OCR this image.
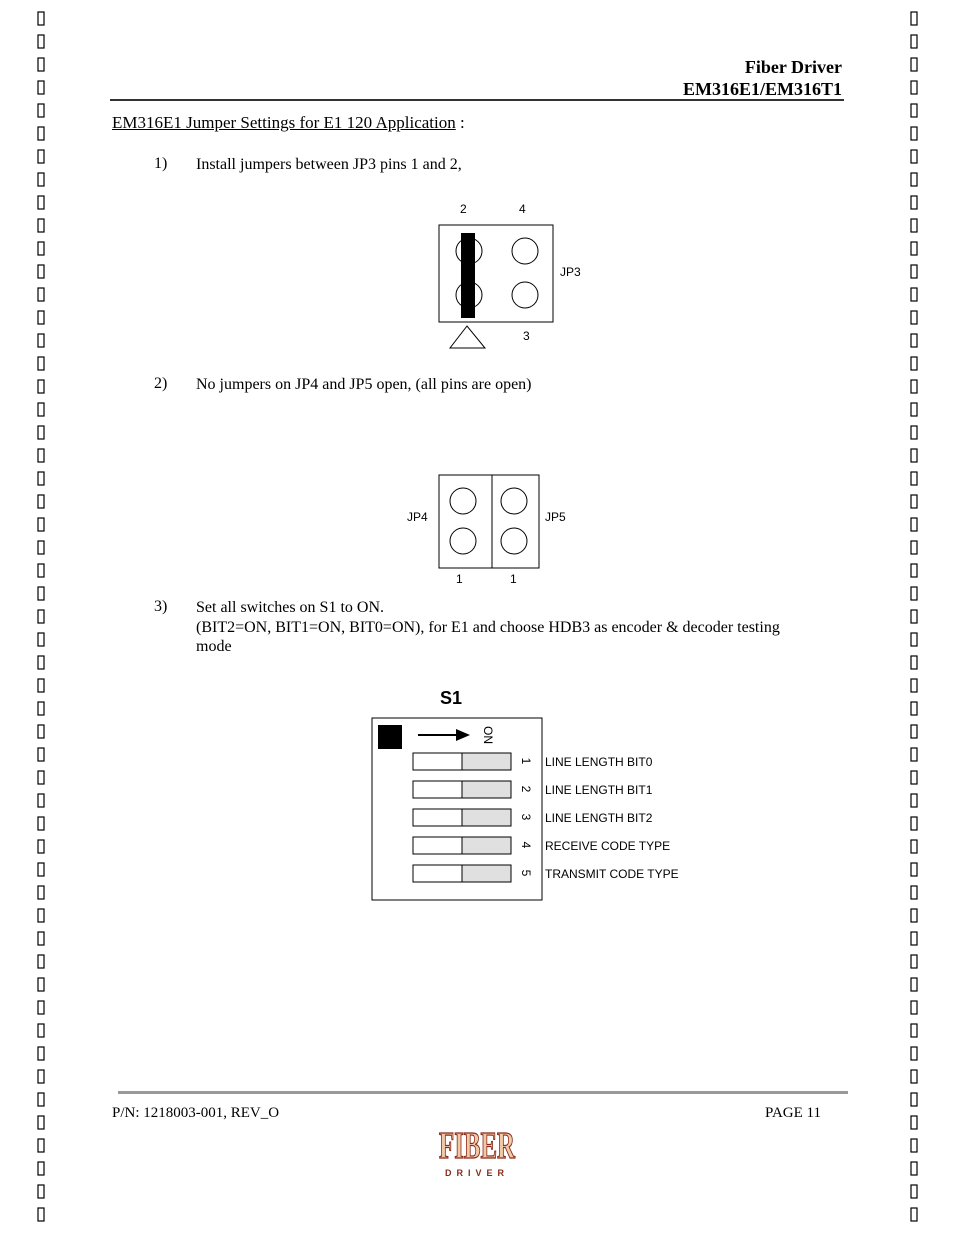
Fiber Driver
EM316E1/EM316T1
EM316E1 Jumper Settings for E1 120 Application :
1) Install jumpers between JP3 pins 1 and 2,
2	4
JP3
3
2) No jumpers on JP4 and JP5 open, (all pins are open)
JP4	JP5
1	1
3) Set all switches on S1 to ON.
(BIT2=ON, BIT1=ON, BIT0=ON), for E1 and choose HDB3 as encoder & decoder testing
mode
S1
ON
1 LINE LENGTH BIT0
2 LINE LENGTH BIT1
3 LINE LENGTH BIT2
4 RECEIVE CODE TYPE
5 TRANSMIT CODE TYPE
P/N: 1218003-001, REV_O	PAGE 11
FIBER
DRIVER
